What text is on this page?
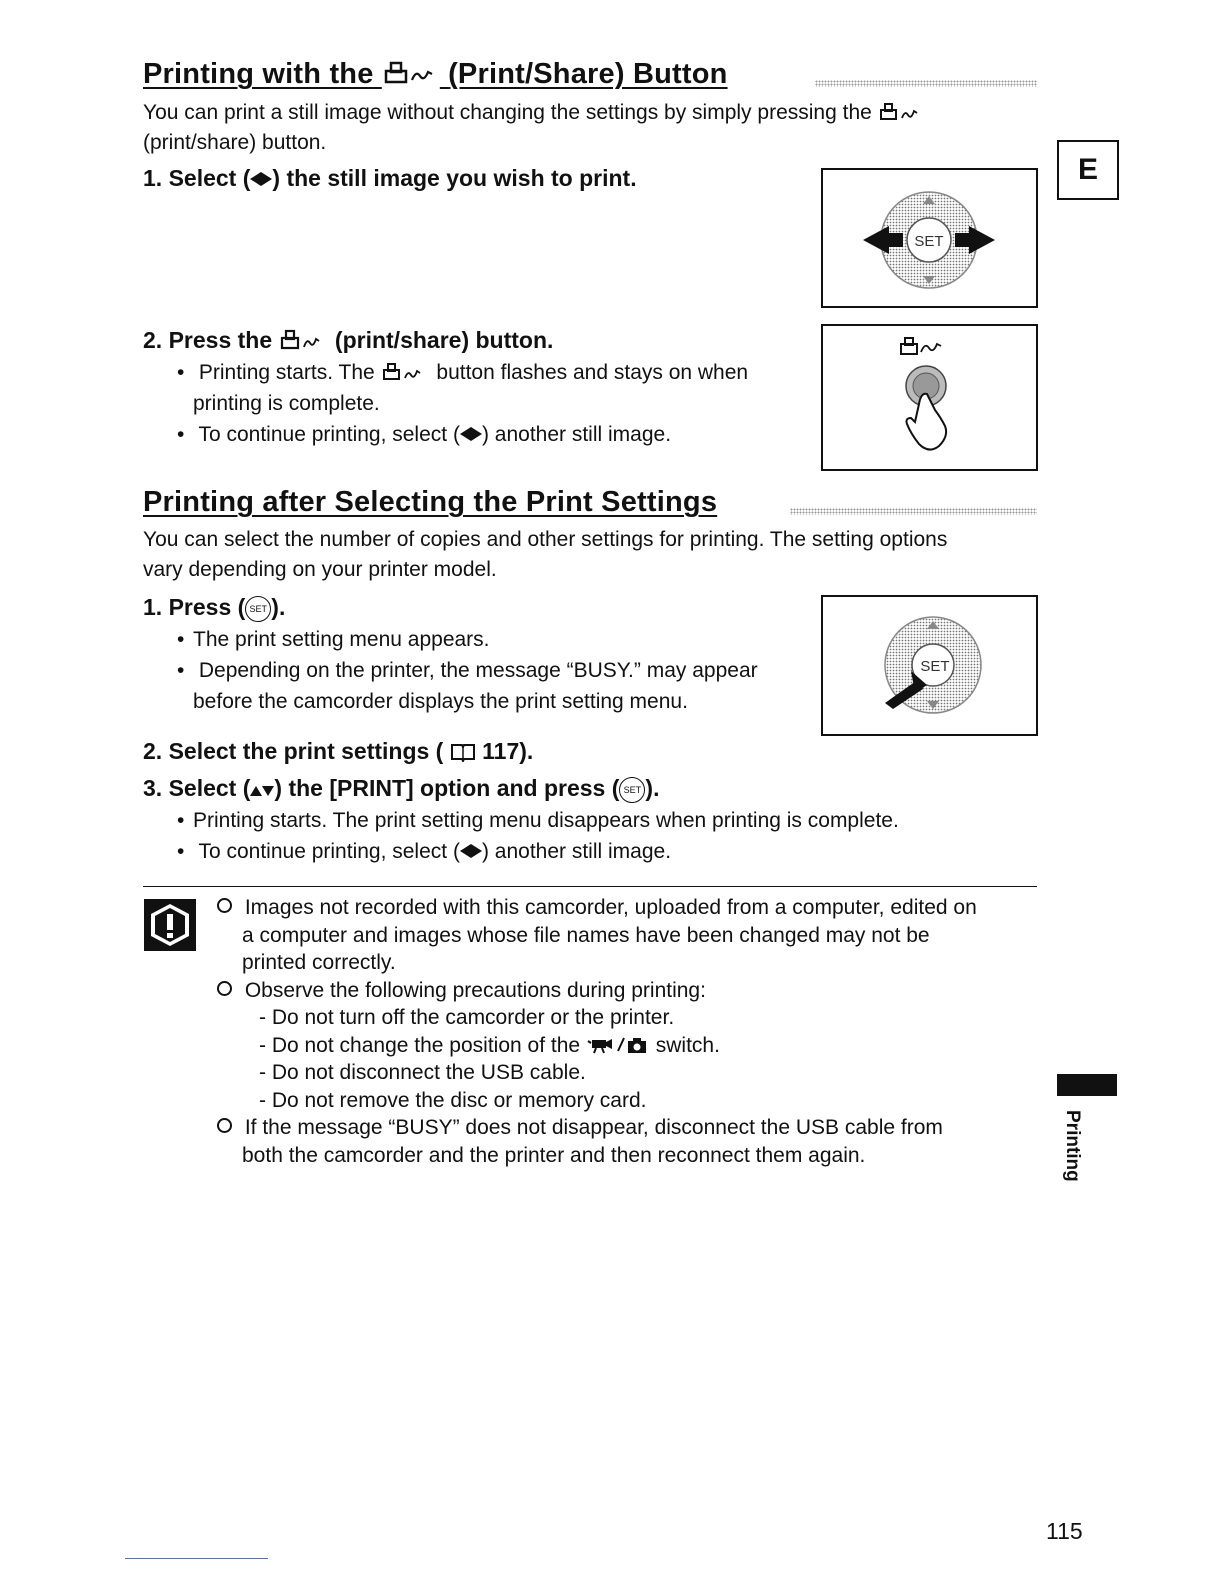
Printing with the	(Print/Share) Button
You can print a still image without changing the settings by simply pressing the
(print/share) button.
E
1. Select ( ) the still image you wish to print.
SET
2. Press the	(print/share) button.
• Printing starts. The	button flashes and stays on when
printing is complete.
• To continue printing, select ( ) another still image.
Printing after Selecting the Print Settings
You can select the number of copies and other settings for printing. The setting options
vary depending on your printer model.
1. Press ( SET ).
• The print setting menu appears.
• Depending on the printer, the message “BUSY.” may appear
before the camcorder displays the print setting menu.
SET
2. Select the print settings ( 117).
3. Select ( ) the [PRINT] option and press ( SET ).
• Printing starts. The print setting menu disappears when printing is complete.
• To continue printing, select ( ) another still image.
Images not recorded with this camcorder, uploaded from a computer, edited on
a computer and images whose file names have been changed may not be
printed correctly.
Observe the following precautions during printing:
- Do not turn off the camcorder or the printer.
- Do not change the position of the	switch.
- Do not disconnect the USB cable.
- Do not remove the disc or memory card.
If the message “BUSY” does not disappear, disconnect the USB cable from
both the camcorder and the printer and then reconnect them again.	Printing
115
